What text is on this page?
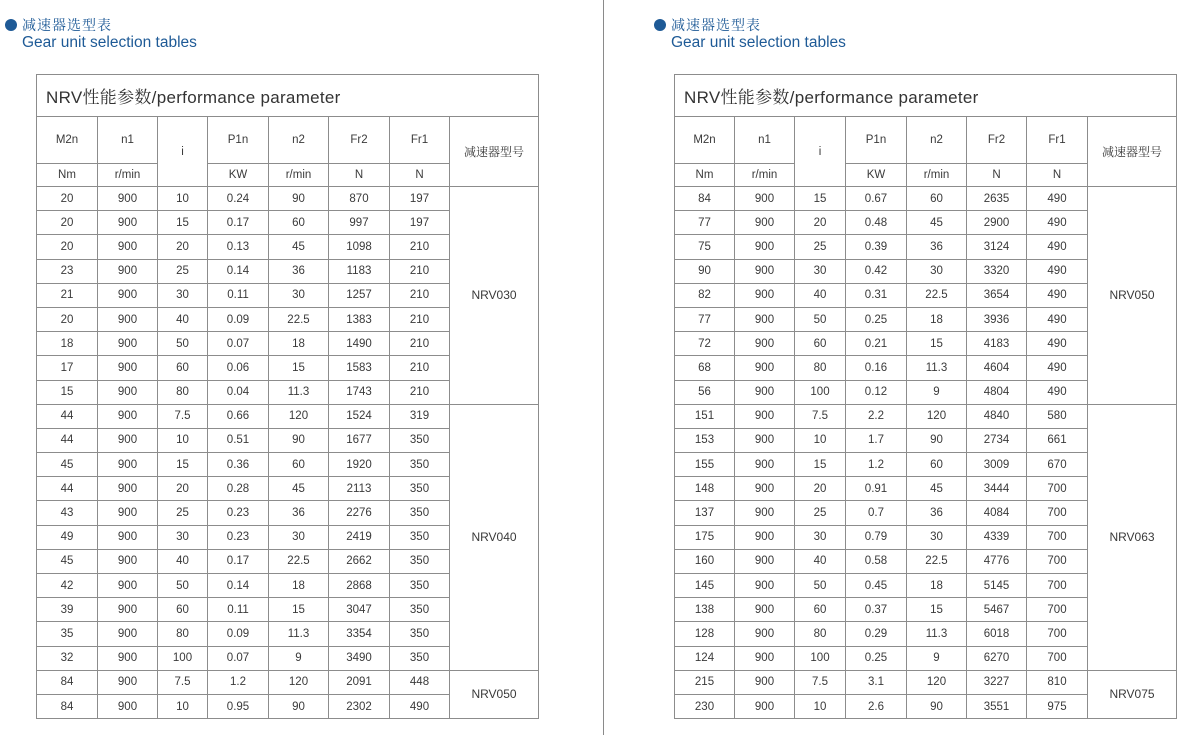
减速器选型表
Gear unit selection tables
NRV性能参数/performance parameter							
M2n	n1	i	P1n	n2	Fr2	Fr1	减速器型号
Nm	r/min		KW	r/min	N	N	
20	900	10	0.24	90	870	197	NRV030
20	900	15	0.17	60	997	197	
20	900	20	0.13	45	1098	210	
23	900	25	0.14	36	1183	210	
21	900	30	0.11	30	1257	210	
20	900	40	0.09	22.5	1383	210	
18	900	50	0.07	18	1490	210	
17	900	60	0.06	15	1583	210	
15	900	80	0.04	11.3	1743	210	
44	900	7.5	0.66	120	1524	319	NRV040
44	900	10	0.51	90	1677	350	
45	900	15	0.36	60	1920	350	
44	900	20	0.28	45	2113	350	
43	900	25	0.23	36	2276	350	
49	900	30	0.23	30	2419	350	
45	900	40	0.17	22.5	2662	350	
42	900	50	0.14	18	2868	350	
39	900	60	0.11	15	3047	350	
35	900	80	0.09	11.3	3354	350	
32	900	100	0.07	9	3490	350	
84	900	7.5	1.2	120	2091	448	NRV050
84	900	10	0.95	90	2302	490	
减速器选型表
Gear unit selection tables
NRV性能参数/performance parameter							
M2n	n1	i	P1n	n2	Fr2	Fr1	减速器型号
Nm	r/min		KW	r/min	N	N	
84	900	15	0.67	60	2635	490	NRV050
77	900	20	0.48	45	2900	490	
75	900	25	0.39	36	3124	490	
90	900	30	0.42	30	3320	490	
82	900	40	0.31	22.5	3654	490	
77	900	50	0.25	18	3936	490	
72	900	60	0.21	15	4183	490	
68	900	80	0.16	11.3	4604	490	
56	900	100	0.12	9	4804	490	
151	900	7.5	2.2	120	4840	580	NRV063
153	900	10	1.7	90	2734	661	
155	900	15	1.2	60	3009	670	
148	900	20	0.91	45	3444	700	
137	900	25	0.7	36	4084	700	
175	900	30	0.79	30	4339	700	
160	900	40	0.58	22.5	4776	700	
145	900	50	0.45	18	5145	700	
138	900	60	0.37	15	5467	700	
128	900	80	0.29	11.3	6018	700	
124	900	100	0.25	9	6270	700	
215	900	7.5	3.1	120	3227	810	NRV075
230	900	10	2.6	90	3551	975	
